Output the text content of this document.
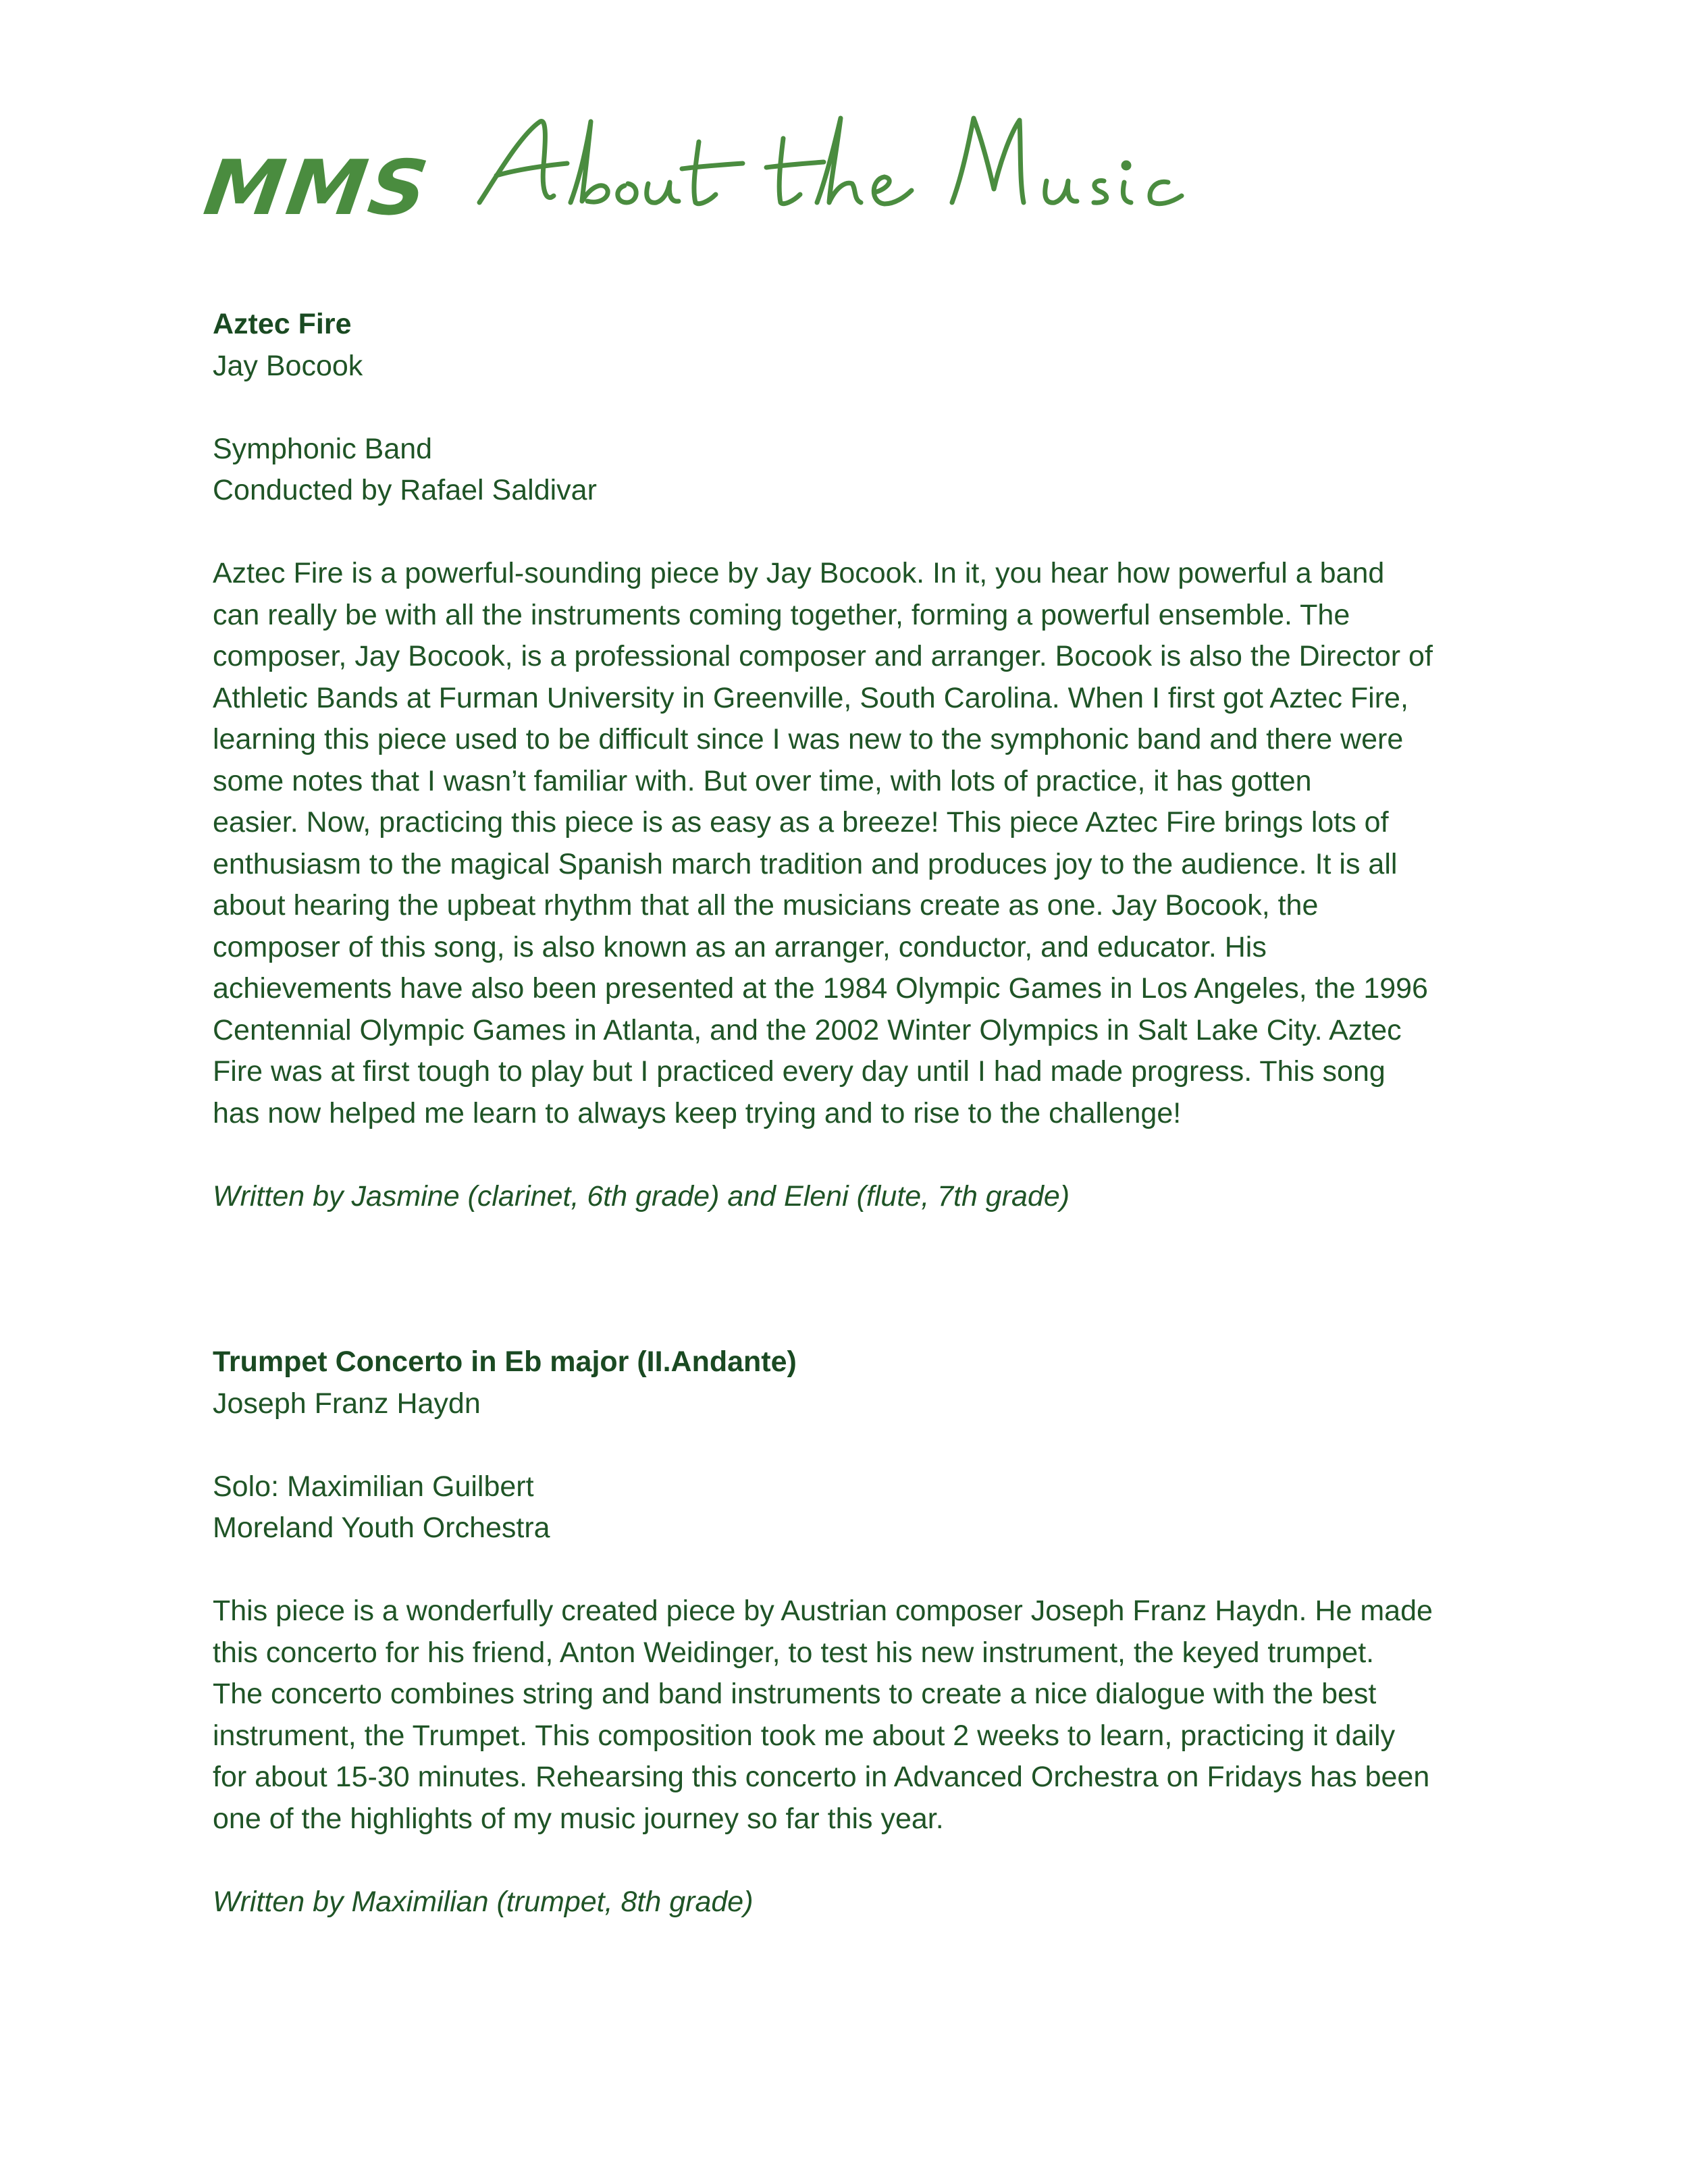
MMS

Aztec Fire

Jay Bocook

Symphonic Band

Conducted by Rafael Saldivar

Aztec Fire is a powerful-sounding piece by Jay Bocook. In it, you hear how powerful a band

can really be with all the instruments coming together, forming a powerful ensemble. The

composer, Jay Bocook, is a professional composer and arranger. Bocook is also the Director of

Athletic Bands at Furman University in Greenville, South Carolina. When I first got Aztec Fire,

learning this piece used to be difficult since I was new to the symphonic band and there were

some notes that I wasn’t familiar with. But over time, with lots of practice, it has gotten

easier. Now, practicing this piece is as easy as a breeze! This piece Aztec Fire brings lots of

enthusiasm to the magical Spanish march tradition and produces joy to the audience. It is all

about hearing the upbeat rhythm that all the musicians create as one. Jay Bocook, the

composer of this song, is also known as an arranger, conductor, and educator. His

achievements have also been presented at the 1984 Olympic Games in Los Angeles, the 1996

Centennial Olympic Games in Atlanta, and the 2002 Winter Olympics in Salt Lake City. Aztec

Fire was at first tough to play but I practiced every day until I had made progress. This song

has now helped me learn to always keep trying and to rise to the challenge!

Written by Jasmine (clarinet, 6th grade) and Eleni (flute, 7th grade)

Trumpet Concerto in Eb major (II.Andante)

Joseph Franz Haydn

Solo: Maximilian Guilbert

Moreland Youth Orchestra

This piece is a wonderfully created piece by Austrian composer Joseph Franz Haydn. He made

this concerto for his friend, Anton Weidinger, to test his new instrument, the keyed trumpet.

The concerto combines string and band instruments to create a nice dialogue with the best

instrument, the Trumpet. This composition took me about 2 weeks to learn, practicing it daily

for about 15-30 minutes. Rehearsing this concerto in Advanced Orchestra on Fridays has been

one of the highlights of my music journey so far this year.

Written by Maximilian (trumpet, 8th grade)
